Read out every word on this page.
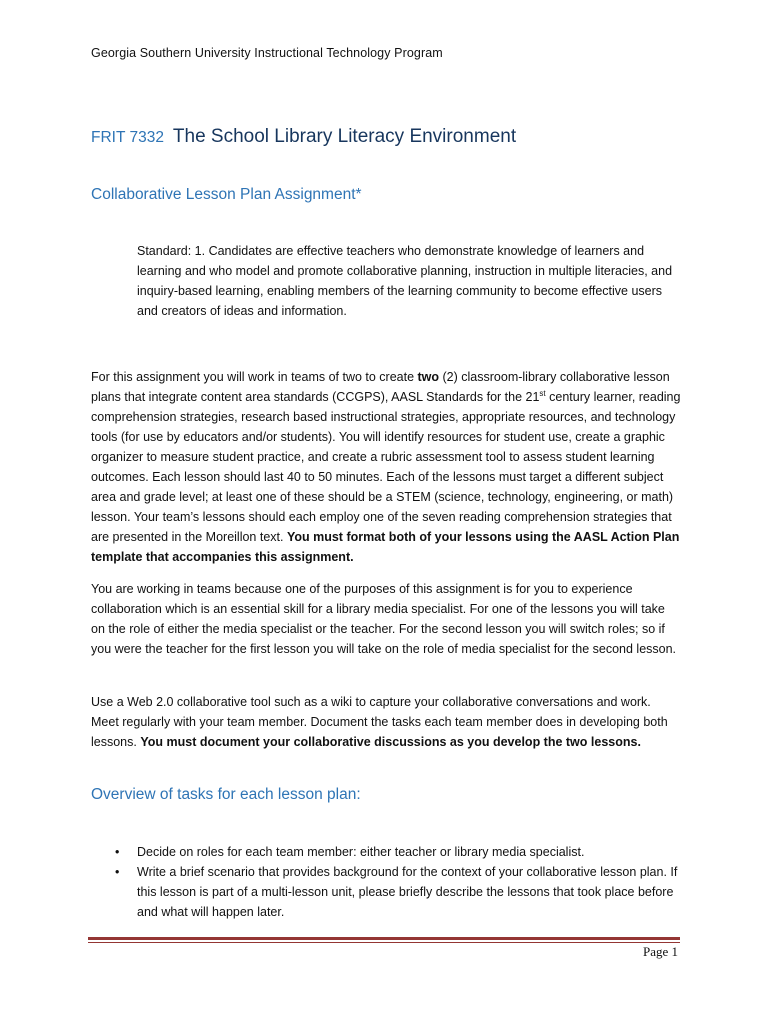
Georgia Southern University Instructional Technology Program
FRIT 7332 The School Library Literacy Environment
Collaborative Lesson Plan Assignment*
Standard: 1. Candidates are effective teachers who demonstrate knowledge of learners and learning and who model and promote collaborative planning, instruction in multiple literacies, and inquiry-based learning, enabling members of the learning community to become effective users and creators of ideas and information.
For this assignment you will work in teams of two to create two (2) classroom-library collaborative lesson plans that integrate content area standards (CCGPS), AASL Standards for the 21st century learner, reading comprehension strategies, research based instructional strategies, appropriate resources, and technology tools (for use by educators and/or students). You will identify resources for student use, create a graphic organizer to measure student practice, and create a rubric assessment tool to assess student learning outcomes. Each lesson should last 40 to 50 minutes. Each of the lessons must target a different subject area and grade level; at least one of these should be a STEM (science, technology, engineering, or math) lesson. Your team’s lessons should each employ one of the seven reading comprehension strategies that are presented in the Moreillon text. You must format both of your lessons using the AASL Action Plan template that accompanies this assignment.
You are working in teams because one of the purposes of this assignment is for you to experience collaboration which is an essential skill for a library media specialist. For one of the lessons you will take on the role of either the media specialist or the teacher. For the second lesson you will switch roles; so if you were the teacher for the first lesson you will take on the role of media specialist for the second lesson.
Use a Web 2.0 collaborative tool such as a wiki to capture your collaborative conversations and work. Meet regularly with your team member. Document the tasks each team member does in developing both lessons. You must document your collaborative discussions as you develop the two lessons.
Overview of tasks for each lesson plan:
• Decide on roles for each team member: either teacher or library media specialist.
• Write a brief scenario that provides background for the context of your collaborative lesson plan. If this lesson is part of a multi-lesson unit, please briefly describe the lessons that took place before and what will happen later.
Page 1
